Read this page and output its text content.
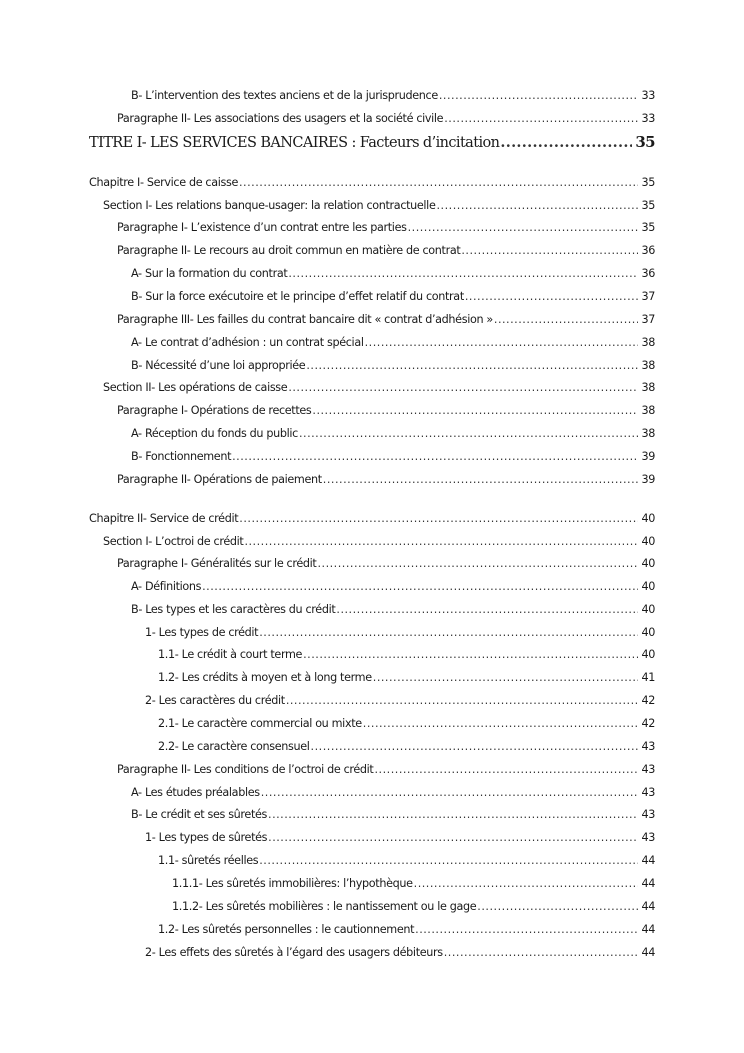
B- L’intervention des textes anciens et de la jurisprudence .....	33
Paragraphe II- Les associations des usagers et la société civile .....	33
TITRE I- LES SERVICES BANCAIRES : Facteurs d’incitation .....	35
Chapitre I- Service de caisse .....	35
Section I- Les relations banque-usager: la relation contractuelle .....	35
Paragraphe I- L’existence d’un contrat entre les parties .....	35
Paragraphe II- Le recours au droit commun en matière de contrat .....	36
A- Sur la formation du contrat .....	36
B- Sur la force exécutoire et le principe d’effet relatif du contrat .....	37
Paragraphe III- Les failles du contrat bancaire dit « contrat d’adhésion » .....	37
A- Le contrat d’adhésion : un contrat spécial .....	38
B- Nécessité d’une loi appropriée .....	38
Section II- Les opérations de caisse .....	38
Paragraphe I- Opérations de recettes .....	38
A- Réception du fonds du public .....	38
B- Fonctionnement .....	39
Paragraphe II- Opérations de paiement .....	39
Chapitre II- Service de crédit .....	40
Section I- L’octroi de crédit .....	40
Paragraphe I- Généralités sur le crédit .....	40
A- Définitions .....	40
B- Les types et les caractères du crédit .....	40
1- Les types de crédit .....	40
1.1- Le crédit à court terme .....	40
1.2- Les crédits à moyen et à long terme .....	41
2- Les caractères du crédit .....	42
2.1- Le caractère commercial ou mixte .....	42
2.2- Le caractère consensuel .....	43
Paragraphe II- Les conditions de l’octroi de crédit .....	43
A- Les études préalables .....	43
B- Le crédit et ses sûretés .....	43
1- Les types de sûretés .....	43
1.1- sûretés réelles .....	44
1.1.1- Les sûretés immobilières: l’hypothèque .....	44
1.1.2- Les sûretés mobilières : le nantissement ou le gage .....	44
1.2- Les sûretés personnelles : le cautionnement .....	44
2- Les effets des sûretés à l’égard des usagers débiteurs .....	44
